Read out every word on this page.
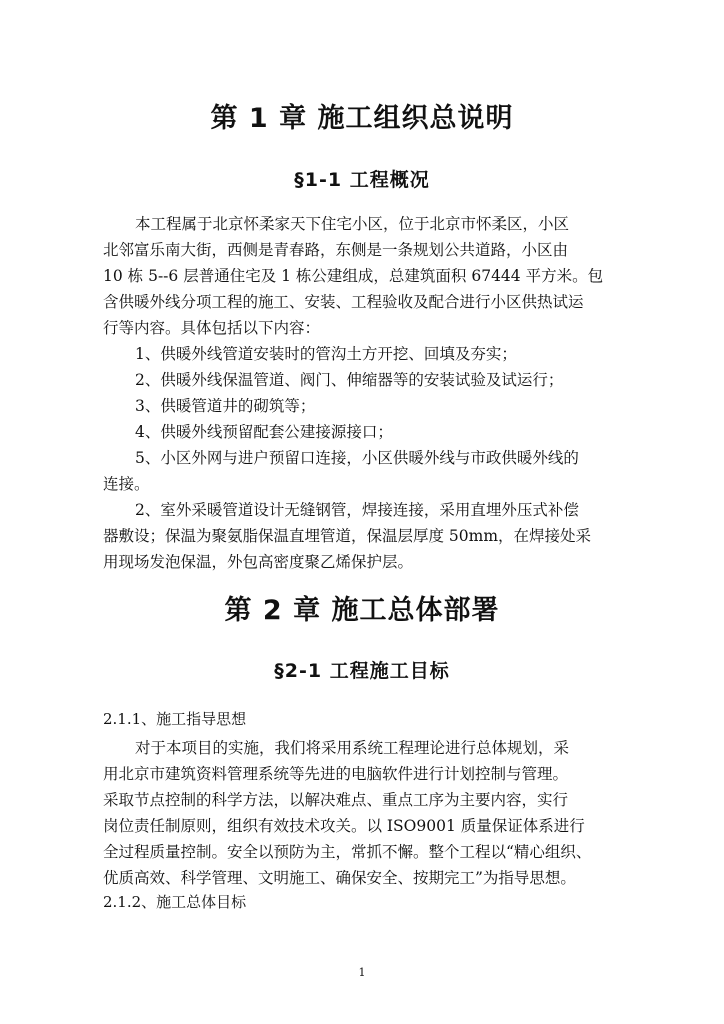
第 1 章 施工组织总说明
§1-1 工程概况
本工程属于北京怀柔家天下住宅小区，位于北京市怀柔区，小区
北邻富乐南大街，西侧是青春路，东侧是一条规划公共道路，小区由
10 栋 5--6 层普通住宅及 1 栋公建组成，总建筑面积 67444 平方米。包
含供暖外线分项工程的施工、安装、工程验收及配合进行小区供热试运
行等内容。具体包括以下内容：
1、供暖外线管道安装时的管沟土方开挖、回填及夯实；
2、供暖外线保温管道、阀门、伸缩器等的安装试验及试运行；
3、供暖管道井的砌筑等；
4、供暖外线预留配套公建接源接口；
5、小区外网与进户预留口连接，小区供暖外线与市政供暖外线的
连接。
2、室外采暖管道设计无缝钢管，焊接连接，采用直埋外压式补偿
器敷设；保温为聚氨脂保温直埋管道，保温层厚度 50mm，在焊接处采
用现场发泡保温，外包高密度聚乙烯保护层。
第 2 章 施工总体部署
§2-1 工程施工目标
2.1.1、施工指导思想
对于本项目的实施，我们将采用系统工程理论进行总体规划，采
用北京市建筑资料管理系统等先进的电脑软件进行计划控制与管理。
采取节点控制的科学方法，以解决难点、重点工序为主要内容，实行
岗位责任制原则，组织有效技术攻关。以 ISO9001 质量保证体系进行
全过程质量控制。安全以预防为主，常抓不懈。整个工程以“精心组织、
优质高效、科学管理、文明施工、确保安全、按期完工”为指导思想。
2.1.2、施工总体目标
1
